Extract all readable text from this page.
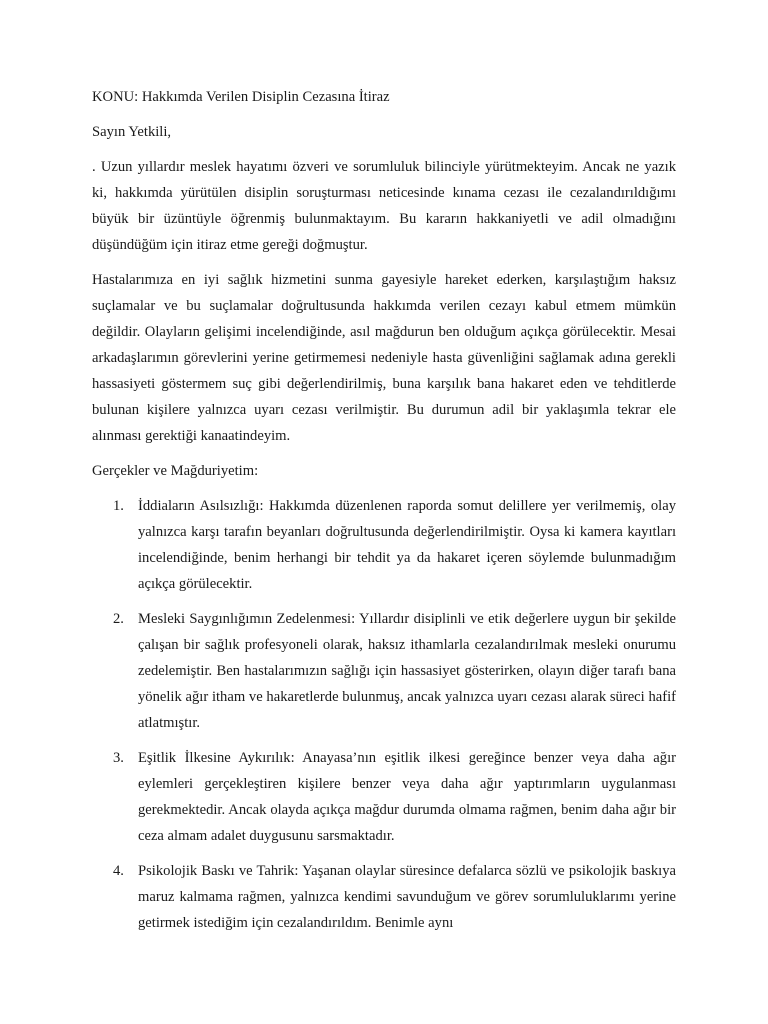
KONU: Hakkımda Verilen Disiplin Cezasına İtiraz

Sayın Yetkili,

. Uzun yıllardır meslek hayatımı özveri ve sorumluluk bilinciyle yürütmekteyim. Ancak ne yazık ki, hakkımda yürütülen disiplin soruşturması neticesinde kınama cezası ile cezalandırıldığımı büyük bir üzüntüyle öğrenmiş bulunmaktayım. Bu kararın hakkaniyetli ve adil olmadığını düşündüğüm için itiraz etme gereği doğmuştur.

Hastalarımıza en iyi sağlık hizmetini sunma gayesiyle hareket ederken, karşılaştığım haksız suçlamalar ve bu suçlamalar doğrultusunda hakkımda verilen cezayı kabul etmem mümkün değildir. Olayların gelişimi incelendiğinde, asıl mağdurun ben olduğum açıkça görülecektir. Mesai arkadaşlarımın görevlerini yerine getirmemesi nedeniyle hasta güvenliğini sağlamak adına gerekli hassasiyeti göstermem suç gibi değerlendirilmiş, buna karşılık bana hakaret eden ve tehditlerde bulunan kişilere yalnızca uyarı cezası verilmiştir. Bu durumun adil bir yaklaşımla tekrar ele alınması gerektiği kanaatindeyim.

Gerçekler ve Mağduriyetim:

1. İddiaların Asılsızlığı: Hakkımda düzenlenen raporda somut delillere yer verilmemiş, olay yalnızca karşı tarafın beyanları doğrultusunda değerlendirilmiştir. Oysa ki kamera kayıtları incelendiğinde, benim herhangi bir tehdit ya da hakaret içeren söylemde bulunmadığım açıkça görülecektir.
2. Mesleki Saygınlığımın Zedelenmesi: Yıllardır disiplinli ve etik değerlere uygun bir şekilde çalışan bir sağlık profesyoneli olarak, haksız ithamlarla cezalandırılmak mesleki onurumu zedelemiştir. Ben hastalarımızın sağlığı için hassasiyet gösterirken, olayın diğer tarafı bana yönelik ağır itham ve hakaretlerde bulunmuş, ancak yalnızca uyarı cezası alarak süreci hafif atlatmıştır.
3. Eşitlik İlkesine Aykırılık: Anayasa’nın eşitlik ilkesi gereğince benzer veya daha ağır eylemleri gerçekleştiren kişilere benzer veya daha ağır yaptırımların uygulanması gerekmektedir. Ancak olayda açıkça mağdur durumda olmama rağmen, benim daha ağır bir ceza almam adalet duygusunu sarsmaktadır.
4. Psikolojik Baskı ve Tahrik: Yaşanan olaylar süresince defalarca sözlü ve psikolojik baskıya maruz kalmama rağmen, yalnızca kendimi savunduğum ve görev sorumluluklarımı yerine getirmek istediğim için cezalandırıldım. Benimle aynı
